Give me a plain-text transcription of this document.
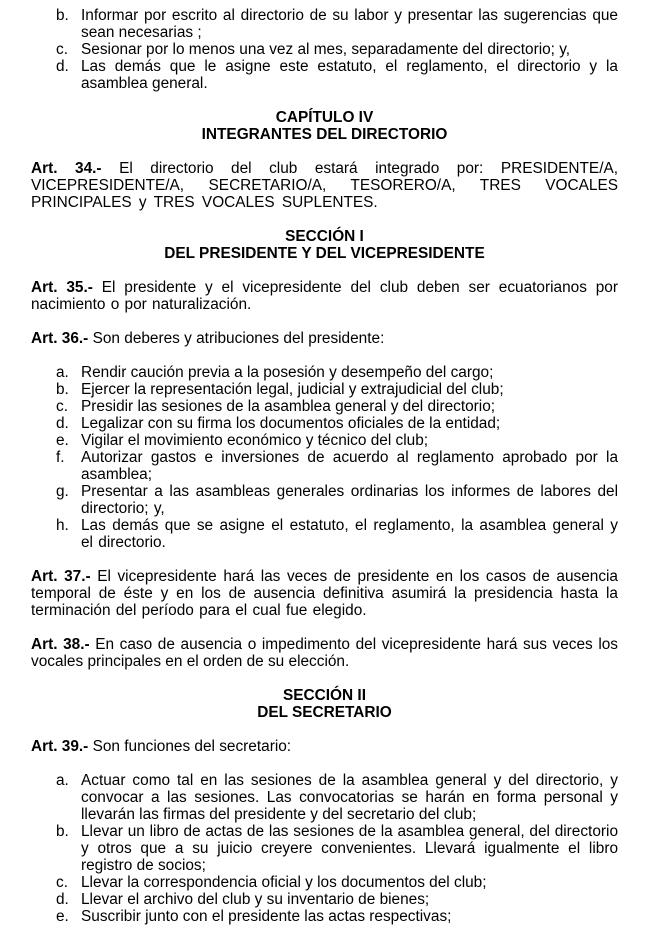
b. Informar por escrito al directorio de su labor y presentar las sugerencias que sean necesarias ;
c. Sesionar por lo menos una vez al mes, separadamente del directorio; y,
d. Las demás que le asigne este estatuto, el reglamento, el directorio y la asamblea general.
CAPÍTULO IV
INTEGRANTES DEL DIRECTORIO
Art. 34.- El directorio del club estará integrado por: PRESIDENTE/A, VICEPRESIDENTE/A, SECRETARIO/A, TESORERO/A, TRES VOCALES PRINCIPALES y TRES VOCALES SUPLENTES.
SECCIÓN I
DEL PRESIDENTE Y DEL VICEPRESIDENTE
Art. 35.- El presidente y el vicepresidente del club deben ser ecuatorianos por nacimiento o por naturalización.
Art. 36.- Son deberes y atribuciones del presidente:
a. Rendir caución previa a la posesión y desempeño del cargo;
b. Ejercer la representación legal, judicial y extrajudicial del club;
c. Presidir las sesiones de la asamblea general y del directorio;
d. Legalizar con su firma los documentos oficiales de la entidad;
e. Vigilar el movimiento económico y técnico del club;
f.	Autorizar gastos e inversiones de acuerdo al reglamento aprobado por la asamblea;
g. Presentar a las asambleas generales ordinarias los informes de labores del directorio; y,
h. Las demás que se asigne el estatuto, el reglamento, la asamblea general y el directorio.
Art. 37.- El vicepresidente hará las veces de presidente en los casos de ausencia temporal de éste y en los de ausencia definitiva asumirá la presidencia hasta la terminación del período para el cual fue elegido.
Art. 38.- En caso de ausencia o impedimento del vicepresidente hará sus veces los vocales principales en el orden de su elección.
SECCIÓN II
DEL SECRETARIO
Art. 39.- Son funciones del secretario:
a. Actuar como tal en las sesiones de la asamblea general y del directorio, y convocar a las sesiones. Las convocatorias se harán en forma personal y llevarán las firmas del presidente y del secretario del club;
b. Llevar un libro de actas de las sesiones de la asamblea general, del directorio y otros que a su juicio creyere convenientes. Llevará igualmente el libro registro de socios;
c. Llevar la correspondencia oficial y los documentos del club;
d. Llevar el archivo del club y su inventario de bienes;
e. Suscribir junto con el presidente las actas respectivas;
